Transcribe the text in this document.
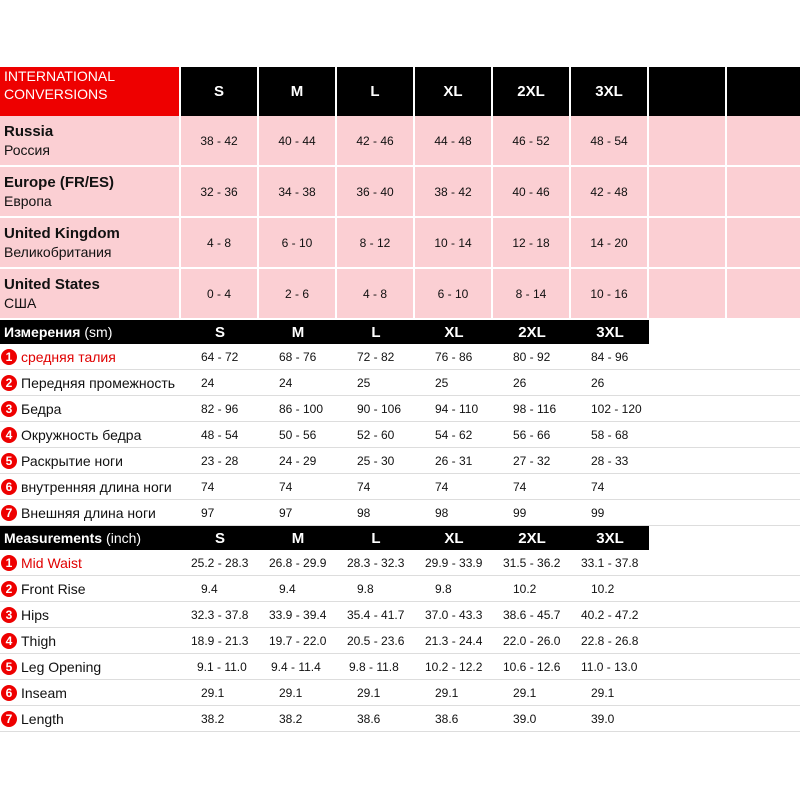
INTERNATIONAL
CONVERSIONS	S	M	L	XL	2XL	3XL
Russia
Россия
38 - 42	40 - 44	42 - 46	44 - 48	46 - 52	48 - 54
Europe (FR/ES)
Европа
32 - 36	34 - 38	36 - 40	38 - 42	40 - 46	42 - 48
United Kingdom
Великобритания
4 - 8	6 - 10	8 - 12	10 - 14	12 - 18	14 - 20
United States
США
0 - 4	2 - 6	4 - 8	6 - 10	8 - 14	10 - 16
Измерения (sm)	S	M	L	XL	2XL	3XL
1 средняя талия	64 - 72	68 - 76	72 - 82	76 - 86	80 - 92	84 - 96
2 Передняя промежность	24	24	25	25	26	26
3 Бедра	82 - 96	86 - 100	90 - 106	94 - 110	98 - 116	102 - 120
4 Окружность бедра	48 - 54	50 - 56	52 - 60	54 - 62	56 - 66	58 - 68
5 Раскрытие ноги	23 - 28	24 - 29	25 - 30	26 - 31	27 - 32	28 - 33
6 внутренняя длина ноги	74	74	74	74	74	74
7 Внешняя длина ноги	97	97	98	98	99	99
Measurements (inch)	S	M	L	XL	2XL	3XL
1 Mid Waist	25.2 - 28.3	26.8 - 29.9	28.3 - 32.3	29.9 - 33.9	31.5 - 36.2	33.1 - 37.8
2 Front Rise	9.4	9.4	9.8	9.8	10.2	10.2
3 Hips	32.3 - 37.8	33.9 - 39.4	35.4 - 41.7	37.0 - 43.3	38.6 - 45.7	40.2 - 47.2
4 Thigh	18.9 - 21.3	19.7 - 22.0	20.5 - 23.6	21.3 - 24.4	22.0 - 26.0	22.8 - 26.8
5 Leg Opening	9.1 - 11.0	9.4 - 11.4	9.8 - 11.8	10.2 - 12.2	10.6 - 12.6	11.0 - 13.0
6 Inseam	29.1	29.1	29.1	29.1	29.1	29.1
7 Length	38.2	38.2	38.6	38.6	39.0	39.0
